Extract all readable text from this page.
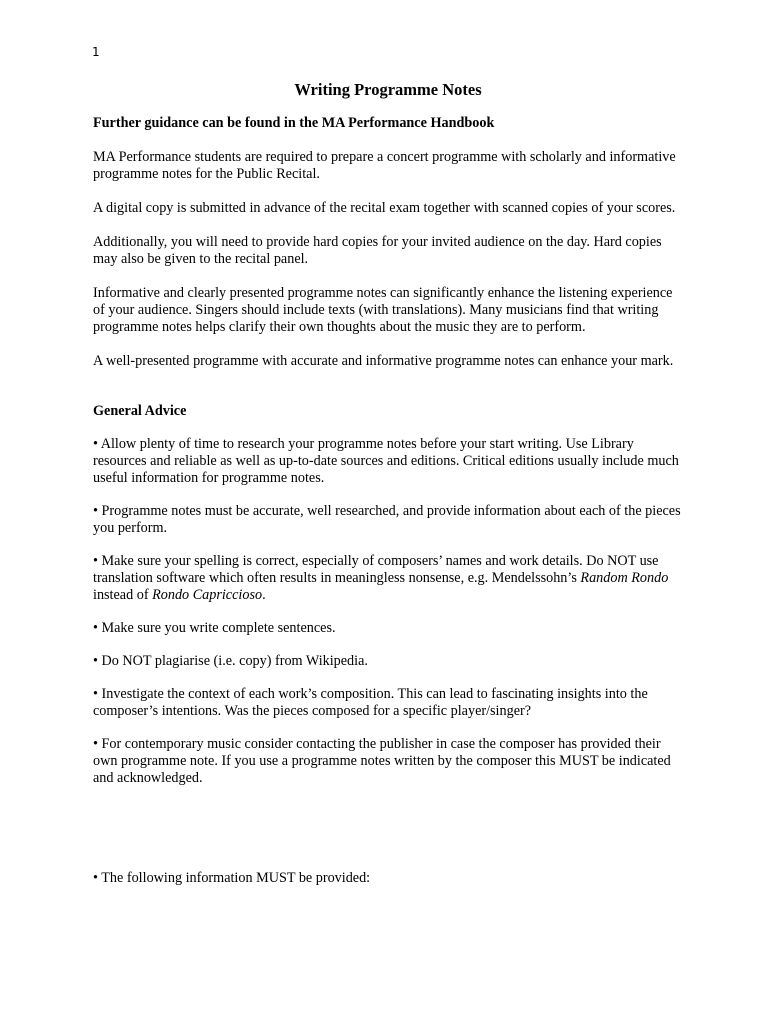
1
Writing Programme Notes

Further guidance can be found in the MA Performance Handbook

MA Performance students are required to prepare a concert programme with scholarly and informative programme notes for the Public Recital.

A digital copy is submitted in advance of the recital exam together with scanned copies of your scores.

Additionally, you will need to provide hard copies for your invited audience on the day. Hard copies may also be given to the recital panel.

Informative and clearly presented programme notes can significantly enhance the listening experience of your audience. Singers should include texts (with translations). Many musicians find that writing programme notes helps clarify their own thoughts about the music they are to perform.

A well-presented programme with accurate and informative programme notes can enhance your mark.

General Advice

• Allow plenty of time to research your programme notes before your start writing. Use Library resources and reliable as well as up-to-date sources and editions. Critical editions usually include much useful information for programme notes.

• Programme notes must be accurate, well researched, and provide information about each of the pieces you perform.

• Make sure your spelling is correct, especially of composers’ names and work details. Do NOT use translation software which often results in meaningless nonsense, e.g. Mendelssohn’s Random Rondo instead of Rondo Capriccioso.

• Make sure you write complete sentences.

• Do NOT plagiarise (i.e. copy) from Wikipedia.

• Investigate the context of each work’s composition. This can lead to fascinating insights into the composer’s intentions. Was the pieces composed for a specific player/singer?

• For contemporary music consider contacting the publisher in case the composer has provided their own programme note. If you use a programme notes written by the composer this MUST be indicated and acknowledged.

• The following information MUST be provided:
